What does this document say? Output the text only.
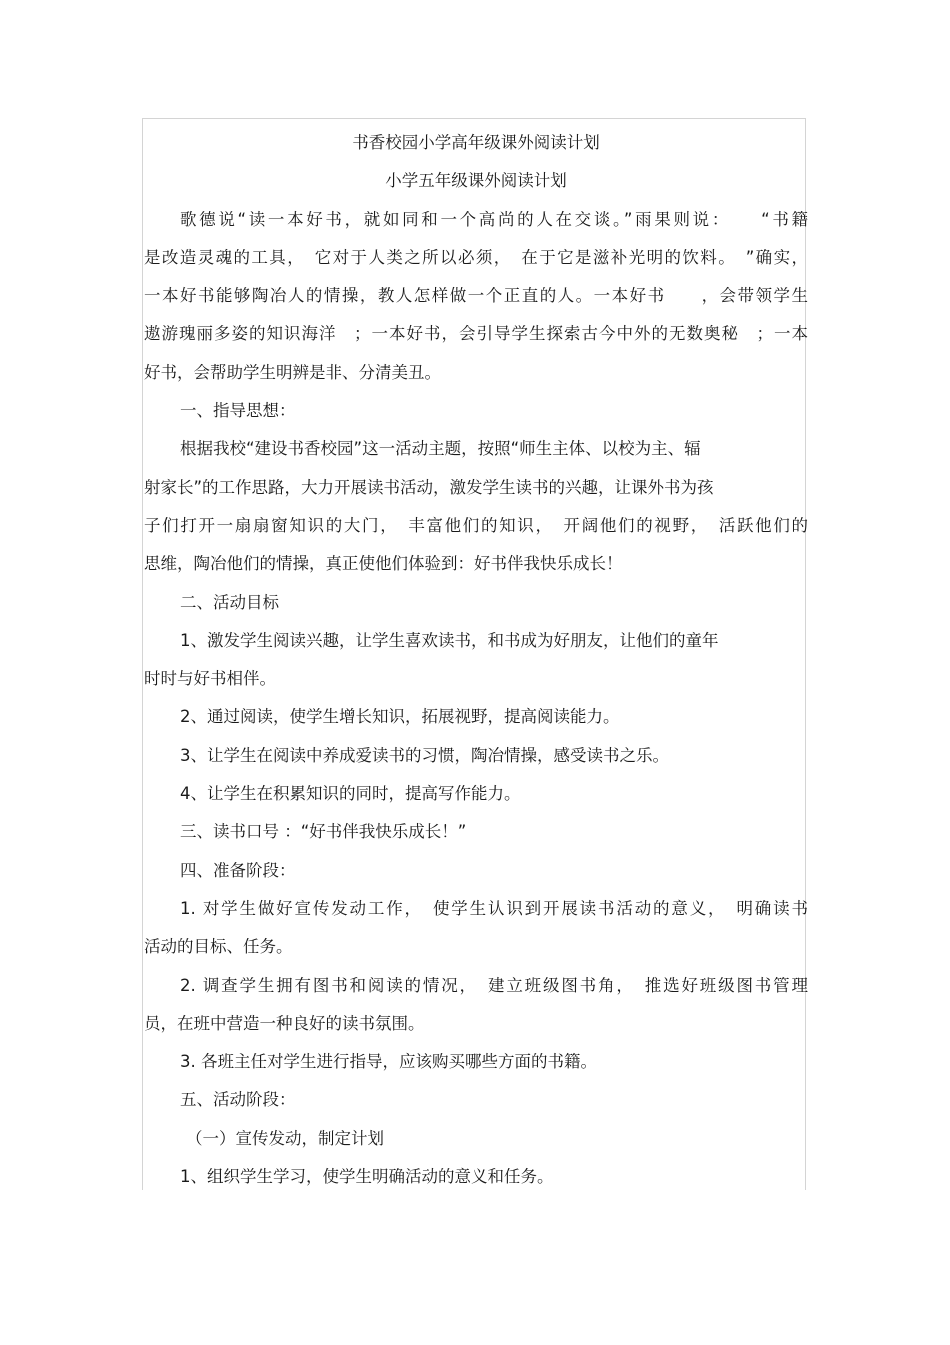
书香校园小学高年级课外阅读计划

小学五年级课外阅读计划

歌德说“读一本好书，就如同和一个高尚的人在交谈。”雨果则说：　　“书籍
是改造灵魂的工具，　它对于人类之所以必须，　在于它是滋补光明的饮料。　”确实，
一本好书能够陶冶人的情操，教人怎样做一个正直的人。一本好书　　，会带领学生
遨游瑰丽多姿的知识海洋　；一本好书，会引导学生探索古今中外的无数奥秘　；一本
好书，会帮助学生明辨是非、分清美丑。
一、指导思想：
根据我校“建设书香校园”这一活动主题，按照“师生主体、以校为主、辐
射家长”的工作思路，大力开展读书活动，激发学生读书的兴趣，让课外书为孩
子们打开一扇扇窗知识的大门，　丰富他们的知识，　开阔他们的视野，　活跃他们的
思维，陶冶他们的情操，真正使他们体验到：好书伴我快乐成长！
二、活动目标
1、激发学生阅读兴趣，让学生喜欢读书，和书成为好朋友，让他们的童年
时时与好书相伴。
2、通过阅读，使学生增长知识，拓展视野，提高阅读能力。
3、让学生在阅读中养成爱读书的习惯，陶冶情操，感受读书之乐。
4、让学生在积累知识的同时，提高写作能力。
三、读书口号 ：“好书伴我快乐成长！”
四、准备阶段：
1. 对学生做好宣传发动工作，　使学生认识到开展读书活动的意义，　明确读书
活动的目标、任务。
2. 调查学生拥有图书和阅读的情况，　建立班级图书角，　推选好班级图书管理
员，在班中营造一种良好的读书氛围。
3. 各班主任对学生进行指导，应该购买哪些方面的书籍。
五、活动阶段：
（一）宣传发动，制定计划
1、组织学生学习，使学生明确活动的意义和任务。
